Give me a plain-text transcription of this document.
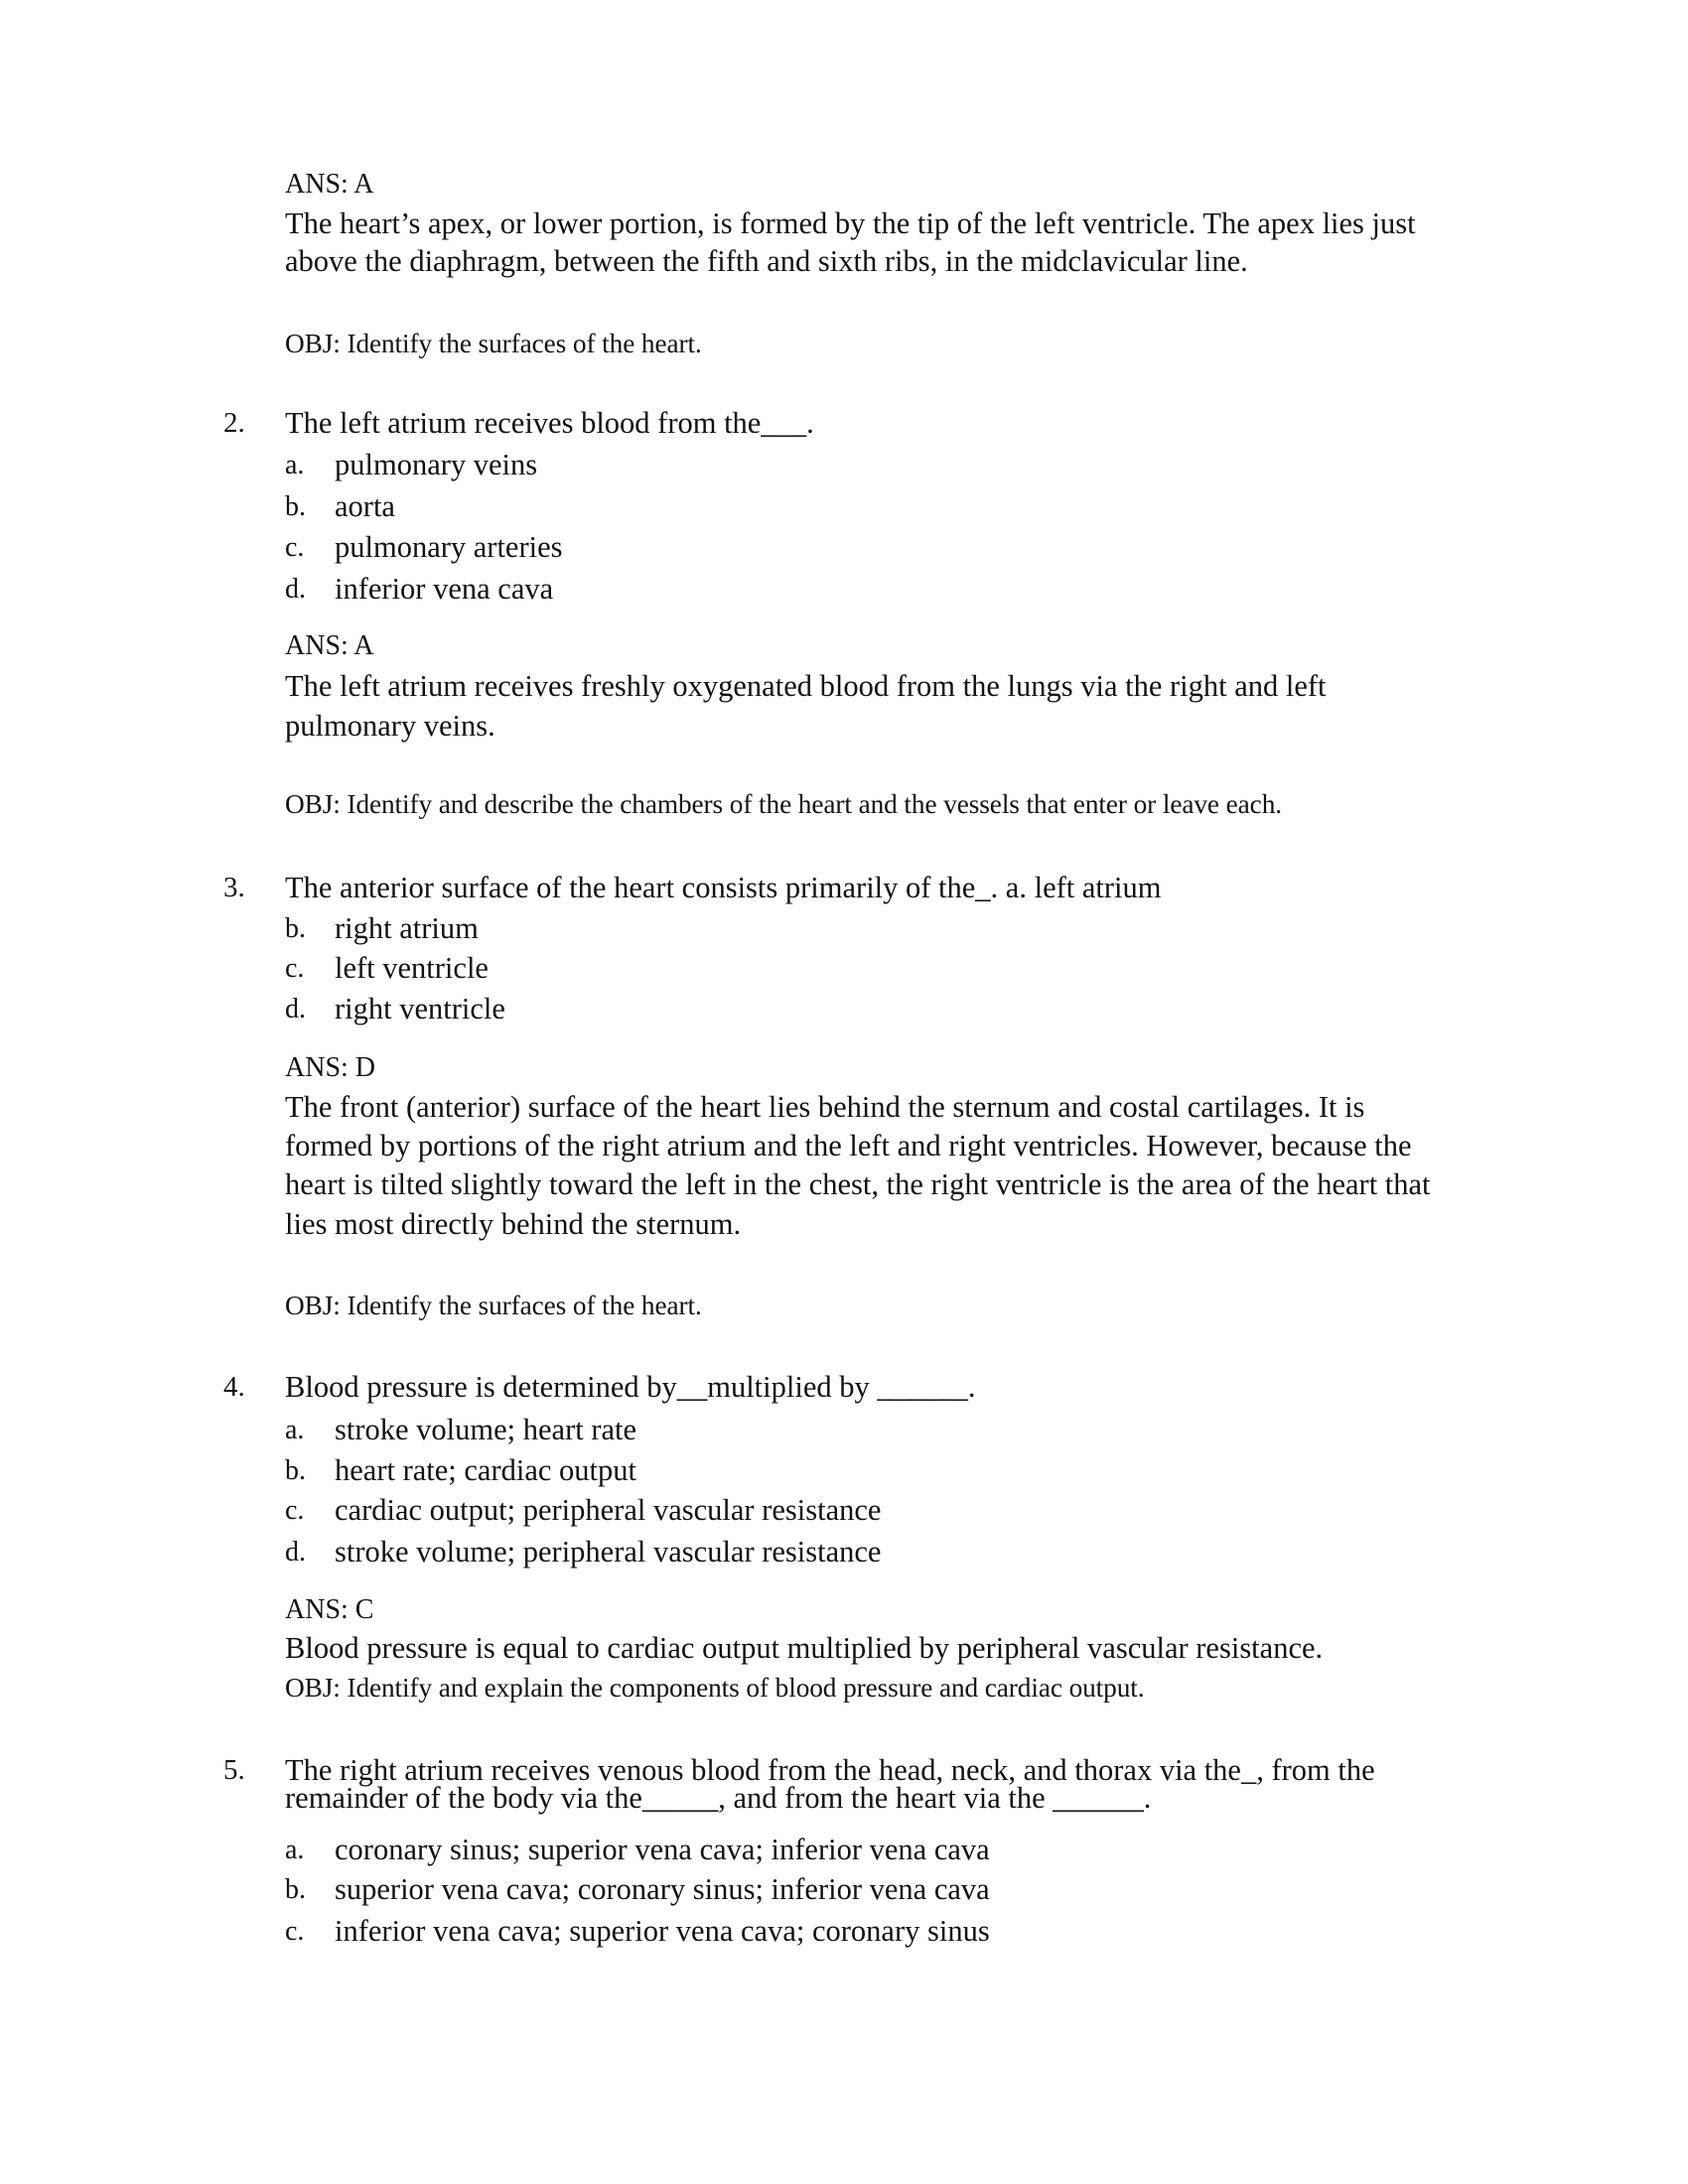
ANS: A
The heart’s apex, or lower portion, is formed by the tip of the left ventricle. The apex lies just
above the diaphragm, between the fifth and sixth ribs, in the midclavicular line.
OBJ: Identify the surfaces of the heart.
2. The left atrium receives blood from the___.
a. pulmonary veins
b. aorta
c. pulmonary arteries
d. inferior vena cava
ANS: A
The left atrium receives freshly oxygenated blood from the lungs via the right and left
pulmonary veins.
OBJ: Identify and describe the chambers of the heart and the vessels that enter or leave each.
3. The anterior surface of the heart consists primarily of the_. a. left atrium
b. right atrium
c. left ventricle
d. right ventricle
ANS: D
The front (anterior) surface of the heart lies behind the sternum and costal cartilages. It is
formed by portions of the right atrium and the left and right ventricles. However, because the
heart is tilted slightly toward the left in the chest, the right ventricle is the area of the heart that
lies most directly behind the sternum.
OBJ: Identify the surfaces of the heart.
4. Blood pressure is determined by__multiplied by ______.
a. stroke volume; heart rate
b. heart rate; cardiac output
c. cardiac output; peripheral vascular resistance
d. stroke volume; peripheral vascular resistance
ANS: C
Blood pressure is equal to cardiac output multiplied by peripheral vascular resistance.
OBJ: Identify and explain the components of blood pressure and cardiac output.
5. The right atrium receives venous blood from the head, neck, and thorax via the_, from the
remainder of the body via the_____, and from the heart via the ______.
a. coronary sinus; superior vena cava; inferior vena cava
b. superior vena cava; coronary sinus; inferior vena cava
c. inferior vena cava; superior vena cava; coronary sinus
